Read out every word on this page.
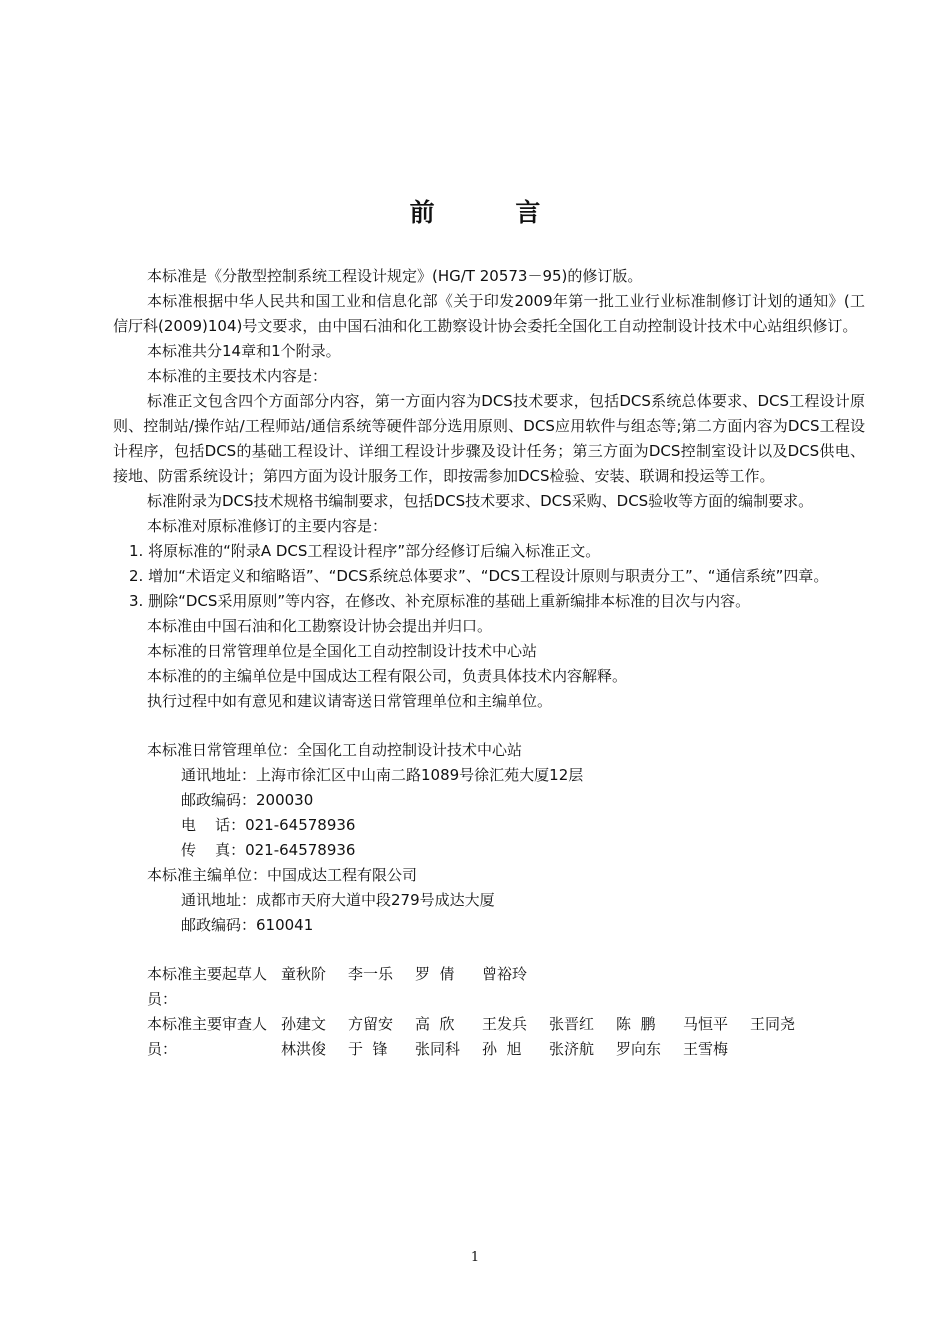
前 言

本标准是《分散型控制系统工程设计规定》(HG/T 20573－95)的修订版。

本标准根据中华人民共和国工业和信息化部《关于印发2009年第一批工业行业标准制修订计划的通知》(工信厅科(2009)104)号文要求，由中国石油和化工勘察设计协会委托全国化工自动控制设计技术中心站组织修订。

本标准共分14章和1个附录。

本标准的主要技术内容是：

标准正文包含四个方面部分内容，第一方面内容为DCS技术要求，包括DCS系统总体要求、DCS工程设计原则、控制站/操作站/工程师站/通信系统等硬件部分选用原则、DCS应用软件与组态等;第二方面内容为DCS工程设计程序，包括DCS的基础工程设计、详细工程设计步骤及设计任务；第三方面为DCS控制室设计以及DCS供电、接地、防雷系统设计；第四方面为设计服务工作，即按需参加DCS检验、安装、联调和投运等工作。

标准附录为DCS技术规格书编制要求，包括DCS技术要求、DCS采购、DCS验收等方面的编制要求。

本标准对原标准修订的主要内容是：

1. 将原标准的“附录A DCS工程设计程序”部分经修订后编入标准正文。

2. 增加“术语定义和缩略语”、“DCS系统总体要求”、“DCS工程设计原则与职责分工”、“通信系统”四章。

3. 删除“DCS采用原则”等内容，在修改、补充原标准的基础上重新编排本标准的目次与内容。

本标准由中国石油和化工勘察设计协会提出并归口。

本标准的日常管理单位是全国化工自动控制设计技术中心站

本标准的的主编单位是中国成达工程有限公司，负责具体技术内容解释。

执行过程中如有意见和建议请寄送日常管理单位和主编单位。

本标准日常管理单位：全国化工自动控制设计技术中心站

通讯地址：上海市徐汇区中山南二路1089号徐汇苑大厦12层

邮政编码：200030

电    话：021-64578936

传    真：021-64578936

本标准主编单位：中国成达工程有限公司

通讯地址：成都市天府大道中段279号成达大厦

邮政编码：610041

本标准主要起草人员：
童秋阶	李一乐	罗  倩	曾裕玲
本标准主要审查人员：
孙建文	方留安	高  欣	王发兵	张晋红	陈  鹏	马恒平	王同尧
林洪俊	于  锋	张同科	孙  旭	张济航	罗向东	王雪梅
1
